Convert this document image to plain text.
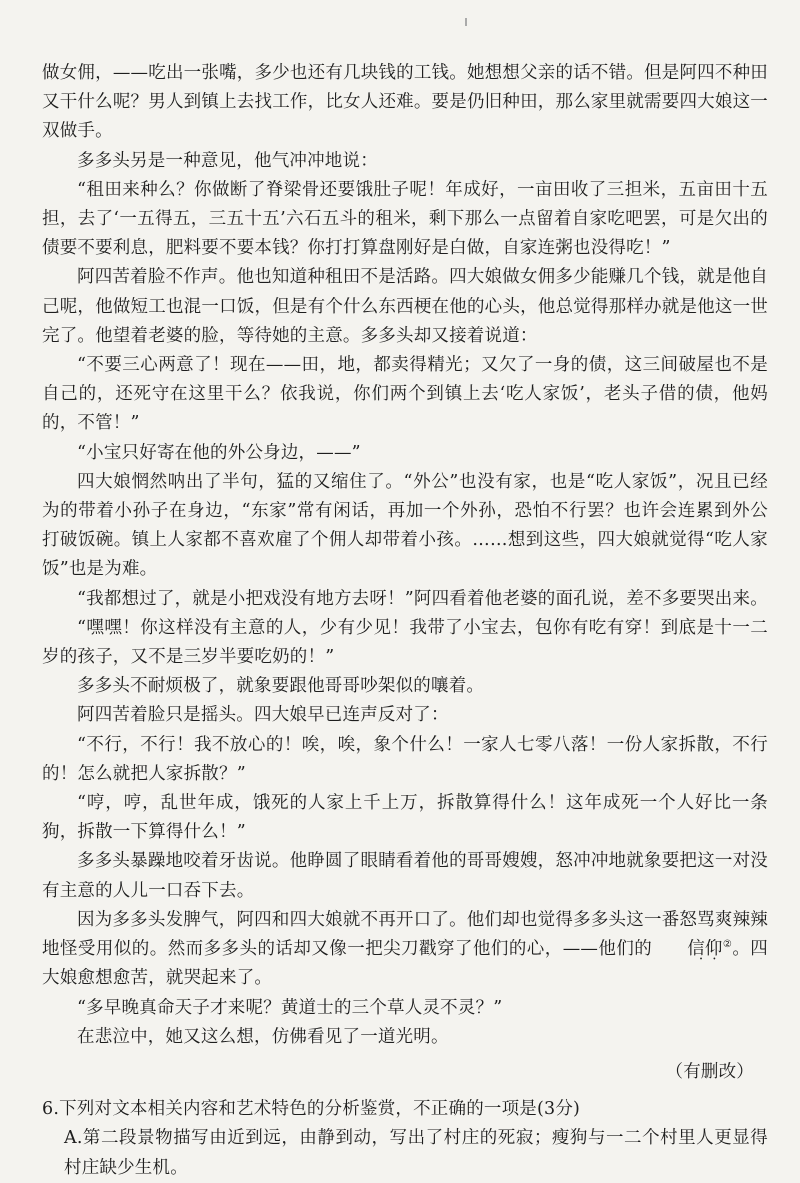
做女佣，——吃出一张嘴，多少也还有几块钱的工钱。她想想父亲的话不错。但是阿四不种田又干什么呢？男人到镇上去找工作，比女人还难。要是仍旧种田，那么家里就需要四大娘这一双做手。

多多头另是一种意见，他气冲冲地说：

“租田来种么？你做断了脊梁骨还要饿肚子呢！年成好，一亩田收了三担米，五亩田十五担，去了‘一五得五，三五十五’六石五斗的租米，剩下那么一点留着自家吃吧罢，可是欠出的债要不要利息，肥料要不要本钱？你打打算盘刚好是白做，自家连粥也没得吃！”

阿四苦着脸不作声。他也知道种租田不是活路。四大娘做女佣多少能赚几个钱，就是他自己呢，他做短工也混一口饭，但是有个什么东西梗在他的心头，他总觉得那样办就是他这一世完了。他望着老婆的脸，等待她的主意。多多头却又接着说道：

“不要三心两意了！现在——田，地，都卖得精光；又欠了一身的债，这三间破屋也不是自己的，还死守在这里干么？依我说，你们两个到镇上去‘吃人家饭’，老头子借的债，他妈的，不管！”

“小宝只好寄在他的外公身边，——”

四大娘惘然呐出了半句，猛的又缩住了。“外公”也没有家，也是“吃人家饭”，况且已经为的带着小孙子在身边，“东家”常有闲话，再加一个外孙，恐怕不行罢？也许会连累到外公打破饭碗。镇上人家都不喜欢雇了个佣人却带着小孩。……想到这些，四大娘就觉得“吃人家饭”也是为难。

“我都想过了，就是小把戏没有地方去呀！”阿四看着他老婆的面孔说，差不多要哭出来。

“嘿嘿！你这样没有主意的人，少有少见！我带了小宝去，包你有吃有穿！到底是十一二岁的孩子，又不是三岁半要吃奶的！”

多多头不耐烦极了，就象要跟他哥哥吵架似的嚷着。

阿四苦着脸只是摇头。四大娘早已连声反对了：

“不行，不行！我不放心的！唉，唉，象个什么！一家人七零八落！一份人家拆散，不行的！怎么就把人家拆散？”

“哼，哼，乱世年成，饿死的人家上千上万，拆散算得什么！这年成死一个人好比一条狗，拆散一下算得什么！”

多多头暴躁地咬着牙齿说。他睁圆了眼睛看着他的哥哥嫂嫂，怒冲冲地就象要把这一对没有主意的人儿一口吞下去。

因为多多头发脾气，阿四和四大娘就不再开口了。他们却也觉得多多头这一番怒骂爽辣辣地怪受用似的。然而多多头的话却又像一把尖刀戳穿了他们的心，——他们的 信仰 • •②。四大娘愈想愈苦，就哭起来了。

“多早晚真命天子才来呢？黄道士的三个草人灵不灵？”

在悲泣中，她又这么想，仿佛看见了一道光明。

（有删改）

6.下列对文本相关内容和艺术特色的分析鉴赏，不正确的一项是(3分)

A.第二段景物描写由近到远，由静到动，写出了村庄的死寂；瘦狗与一二个村里人更显得村庄缺少生机。
